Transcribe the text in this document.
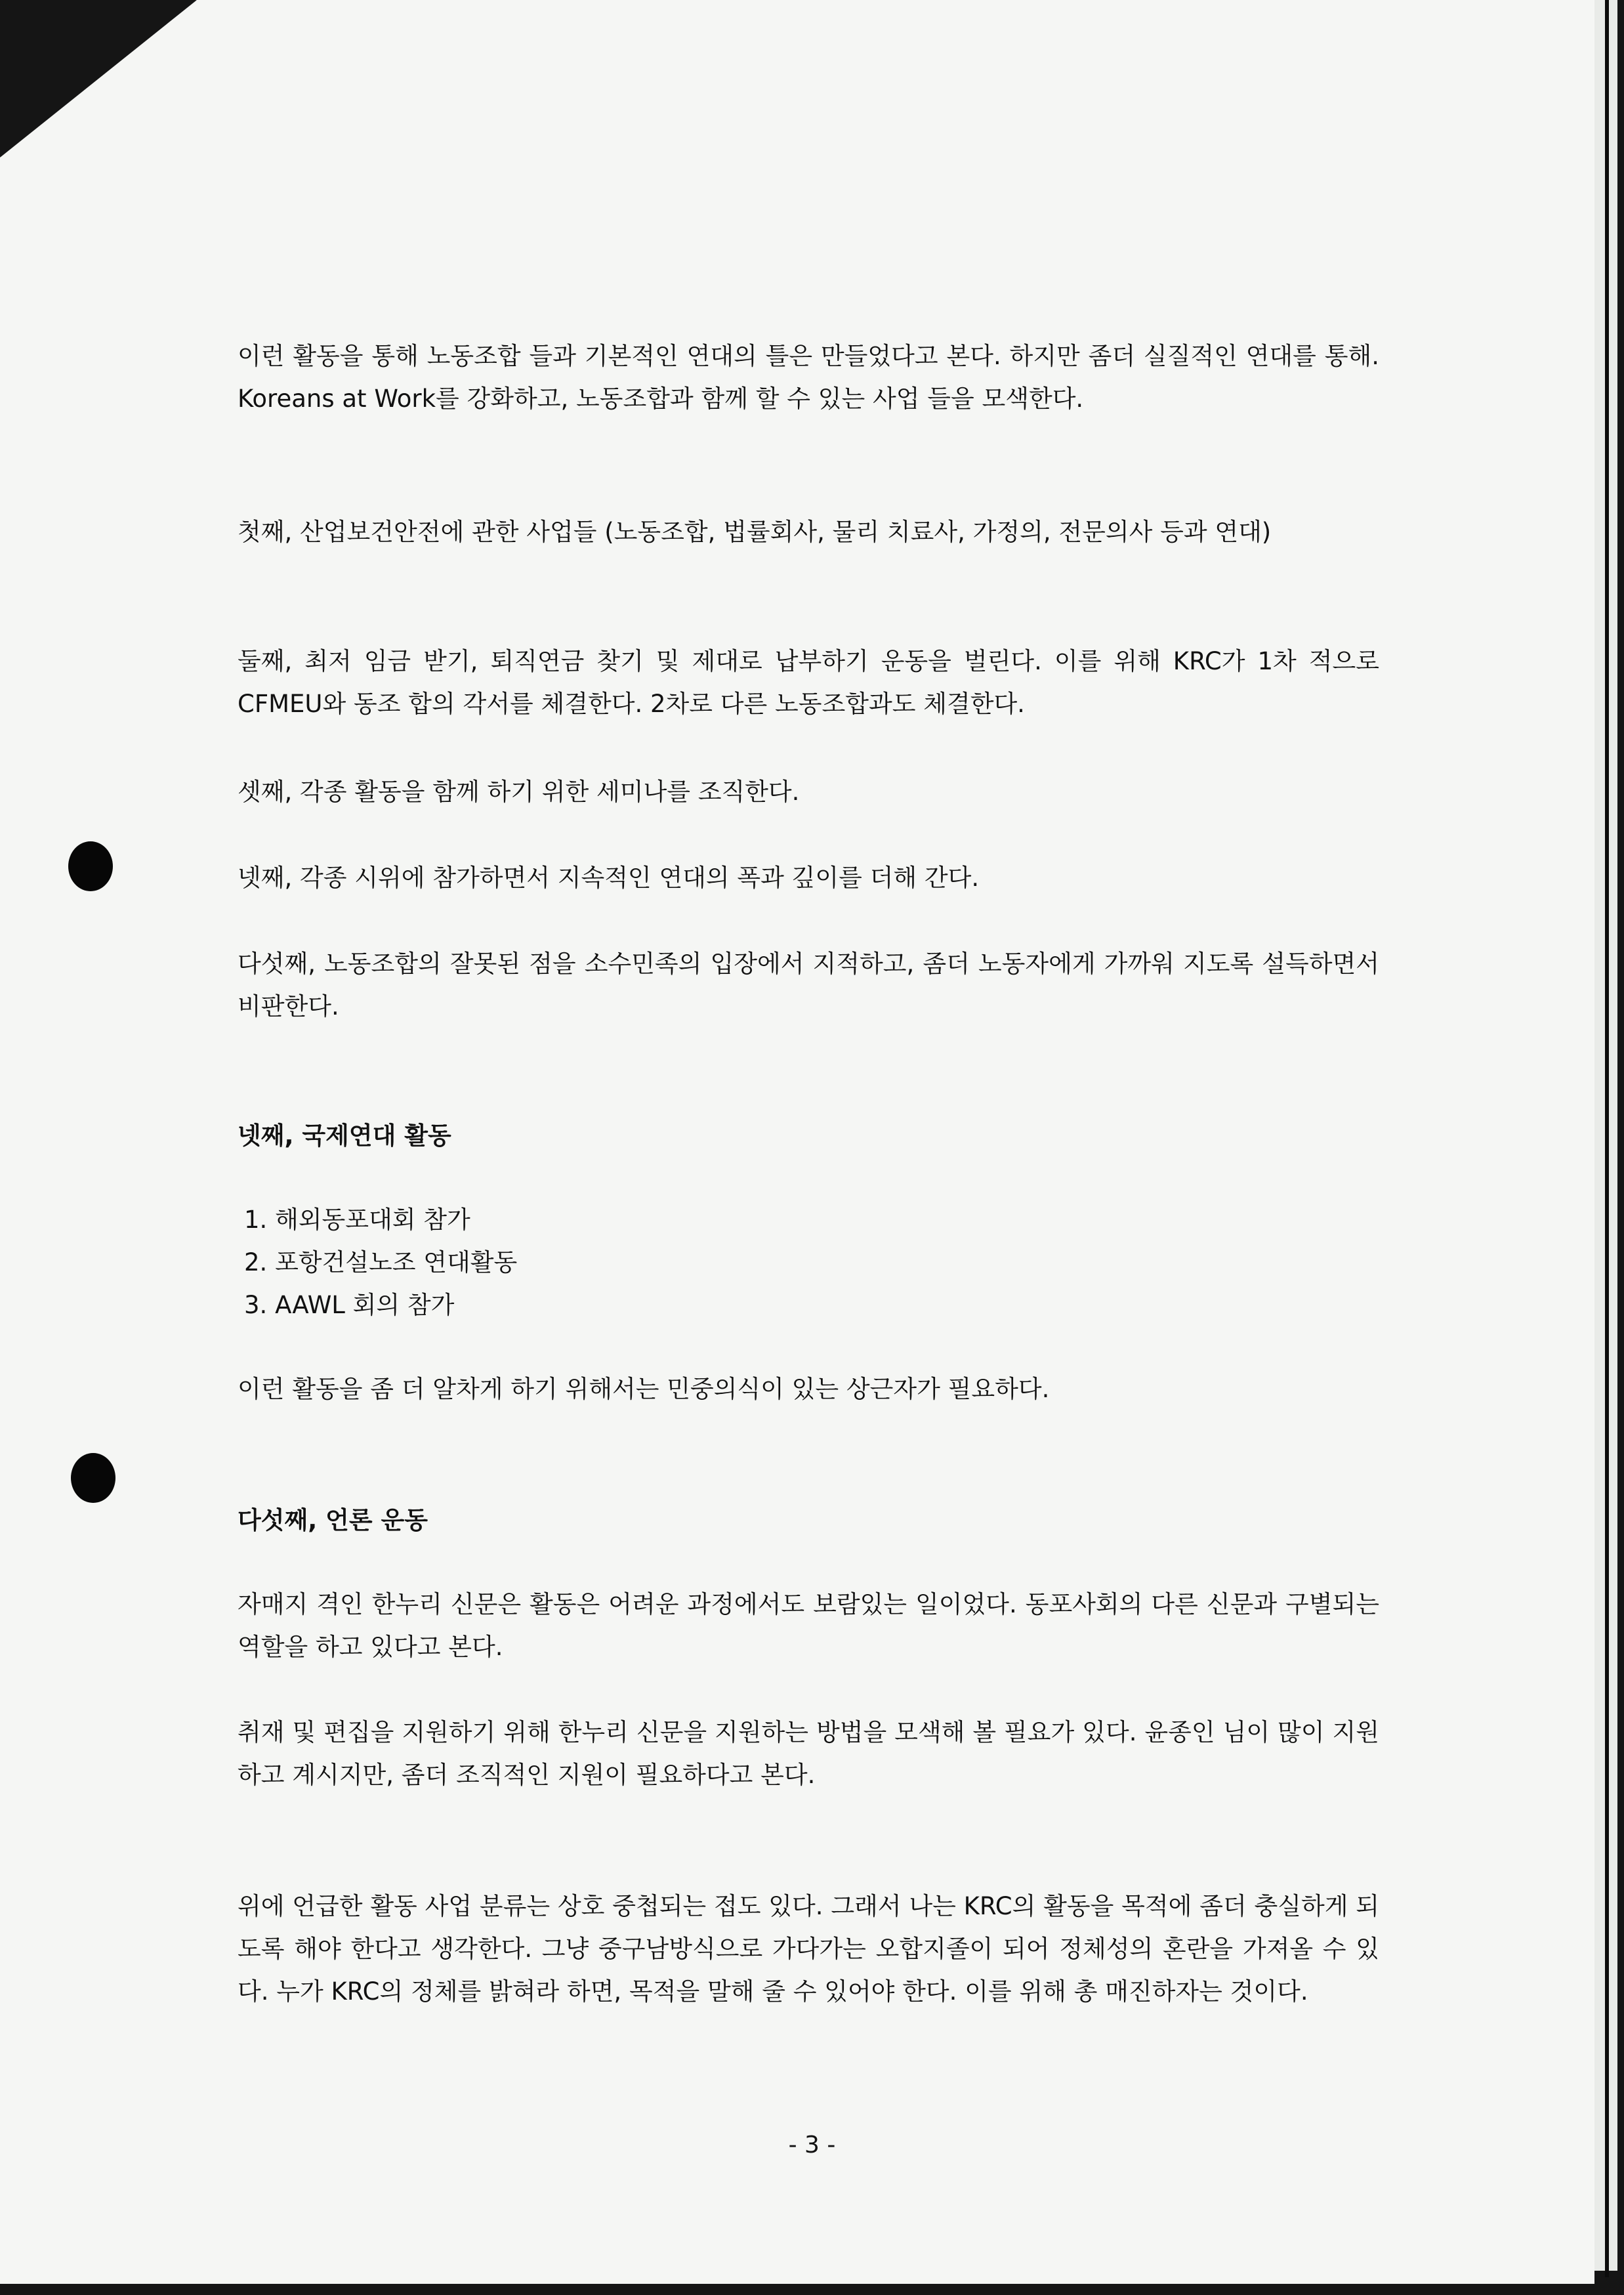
이런 활동을 통해 노동조합 들과 기본적인 연대의 틀은 만들었다고 본다. 하지만 좀더 실질적인 연대를 통해. Koreans at Work를 강화하고, 노동조합과 함께 할 수 있는 사업 들을 모색한다.
첫째, 산업보건안전에 관한 사업들 (노동조합, 법률회사, 물리 치료사, 가정의, 전문의사 등과 연대)
둘째, 최저 임금 받기, 퇴직연금 찾기 및 제대로 납부하기 운동을 벌린다. 이를 위해 KRC가 1차 적으로 CFMEU와 동조 합의 각서를 체결한다. 2차로 다른 노동조합과도 체결한다.
셋째, 각종 활동을 함께 하기 위한 세미나를 조직한다.
넷째, 각종 시위에 참가하면서 지속적인 연대의 폭과 깊이를 더해 간다.
다섯째, 노동조합의 잘못된 점을 소수민족의 입장에서 지적하고, 좀더 노동자에게 가까워 지도록 설득하면서 비판한다.
넷째, 국제연대 활동
1. 해외동포대회 참가
2. 포항건설노조 연대활동
3. AAWL 회의 참가
이런 활동을 좀 더 알차게 하기 위해서는 민중의식이 있는 상근자가 필요하다.
다섯째, 언론 운동
자매지 격인 한누리 신문은 활동은 어려운 과정에서도 보람있는 일이었다. 동포사회의 다른 신문과 구별되는 역할을 하고 있다고 본다.
취재 및 편집을 지원하기 위해 한누리 신문을 지원하는 방법을 모색해 볼 필요가 있다. 윤종인 님이 많이 지원하고 계시지만, 좀더 조직적인 지원이 필요하다고 본다.
위에 언급한 활동 사업 분류는 상호 중첩되는 접도 있다. 그래서 나는 KRC의 활동을 목적에 좀더 충실하게 되도록 해야 한다고 생각한다. 그냥 중구남방식으로 가다가는 오합지졸이 되어 정체성의 혼란을 가져올 수 있다. 누가 KRC의 정체를 밝혀라 하면, 목적을 말해 줄 수 있어야 한다. 이를 위해 총 매진하자는 것이다.
- 3 -
